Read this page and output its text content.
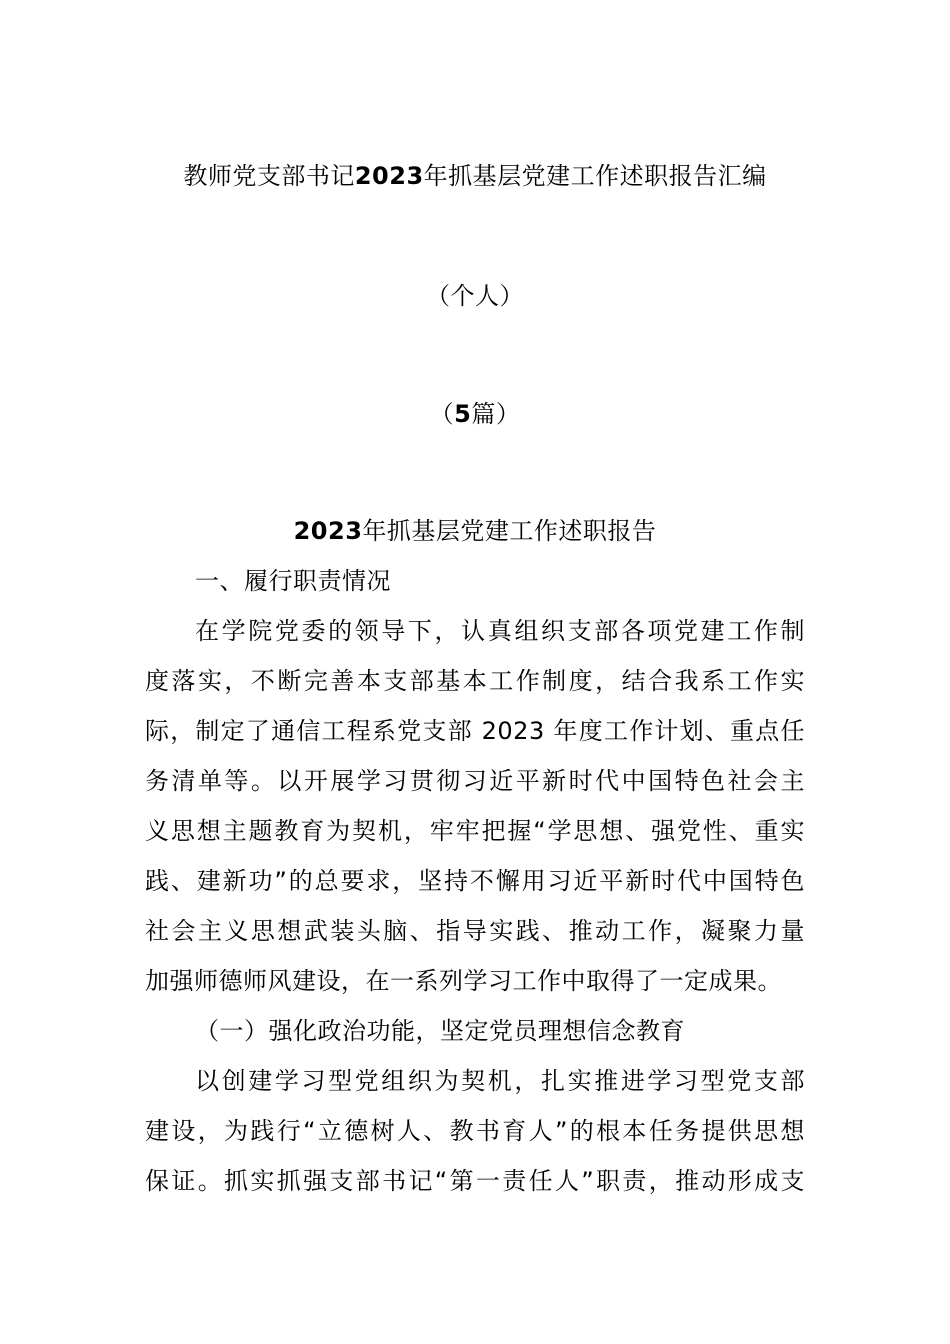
教师党支部书记2023年抓基层党建工作述职报告汇编
（个人）
（5篇）
2023年抓基层党建工作述职报告
一、履行职责情况
在学院党委的领导下，认真组织支部各项党建工作制
度落实，不断完善本支部基本工作制度，结合我系工作实
际，制定了通信工程系党支部 2023 年度工作计划、重点任
务清单等。以开展学习贯彻习近平新时代中国特色社会主
义思想主题教育为契机，牢牢把握“学思想、强党性、重实
践、建新功”的总要求，坚持不懈用习近平新时代中国特色
社会主义思想武装头脑、指导实践、推动工作，凝聚力量
加强师德师风建设，在一系列学习工作中取得了一定成果。
（一）强化政治功能，坚定党员理想信念教育
以创建学习型党组织为契机，扎实推进学习型党支部
建设，为践行“立德树人、教书育人”的根本任务提供思想
保证。抓实抓强支部书记“第一责任人”职责，推动形成支
